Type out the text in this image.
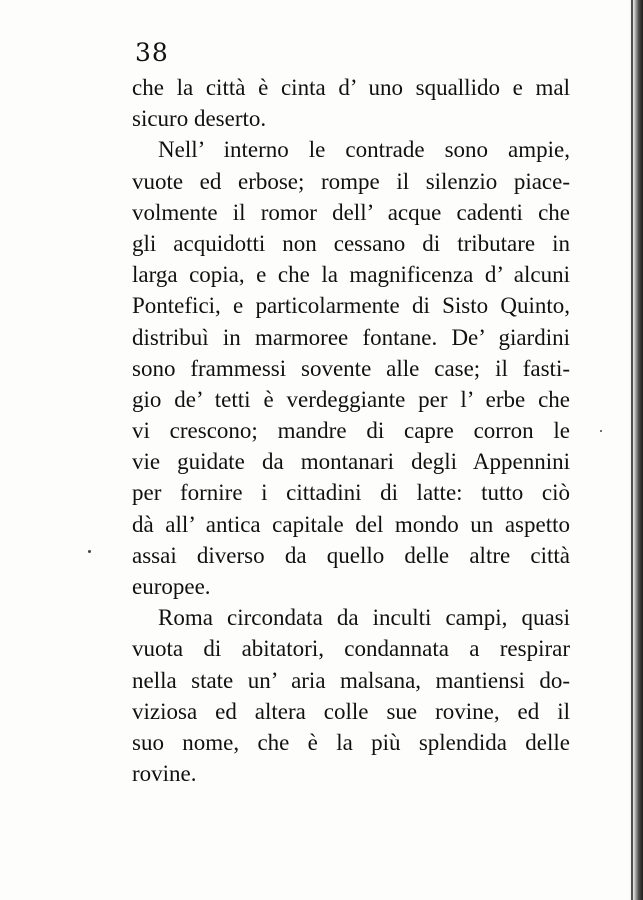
38
che la città è cinta d’ uno squallido e mal
sicuro deserto.
Nell’ interno le contrade sono ampie,
vuote ed erbose; rompe il silenzio piace-
volmente il romor dell’ acque cadenti che
gli acquidotti non cessano di tributare in
larga copia, e che la magnificenza d’ alcuni
Pontefici, e particolarmente di Sisto Quinto,
distribuì in marmoree fontane. De’ giardini
sono frammessi sovente alle case; il fasti-
gio de’ tetti è verdeggiante per l’ erbe che
vi crescono; mandre di capre corron le
vie guidate da montanari degli Appennini
per fornire i cittadini di latte: tutto ciò
dà all’ antica capitale del mondo un aspetto
assai diverso da quello delle altre città
europee.
Roma circondata da inculti campi, quasi
vuota di abitatori, condannata a respirar
nella state un’ aria malsana, mantiensi do-
viziosa ed altera colle sue rovine, ed il
suo nome, che è la più splendida delle
rovine.
